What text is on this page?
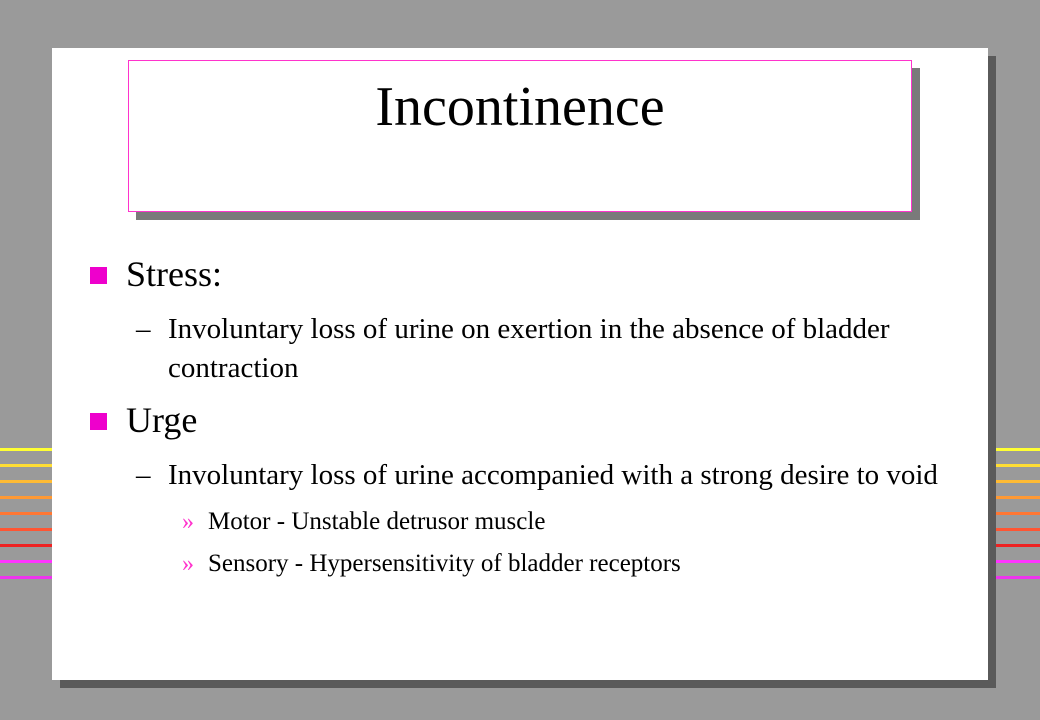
Incontinence
Stress:
– Involuntary loss of urine on exertion in the absence of bladder contraction
Urge
– Involuntary loss of urine accompanied with a strong desire to void
» Motor - Unstable detrusor muscle
» Sensory - Hypersensitivity of bladder receptors
